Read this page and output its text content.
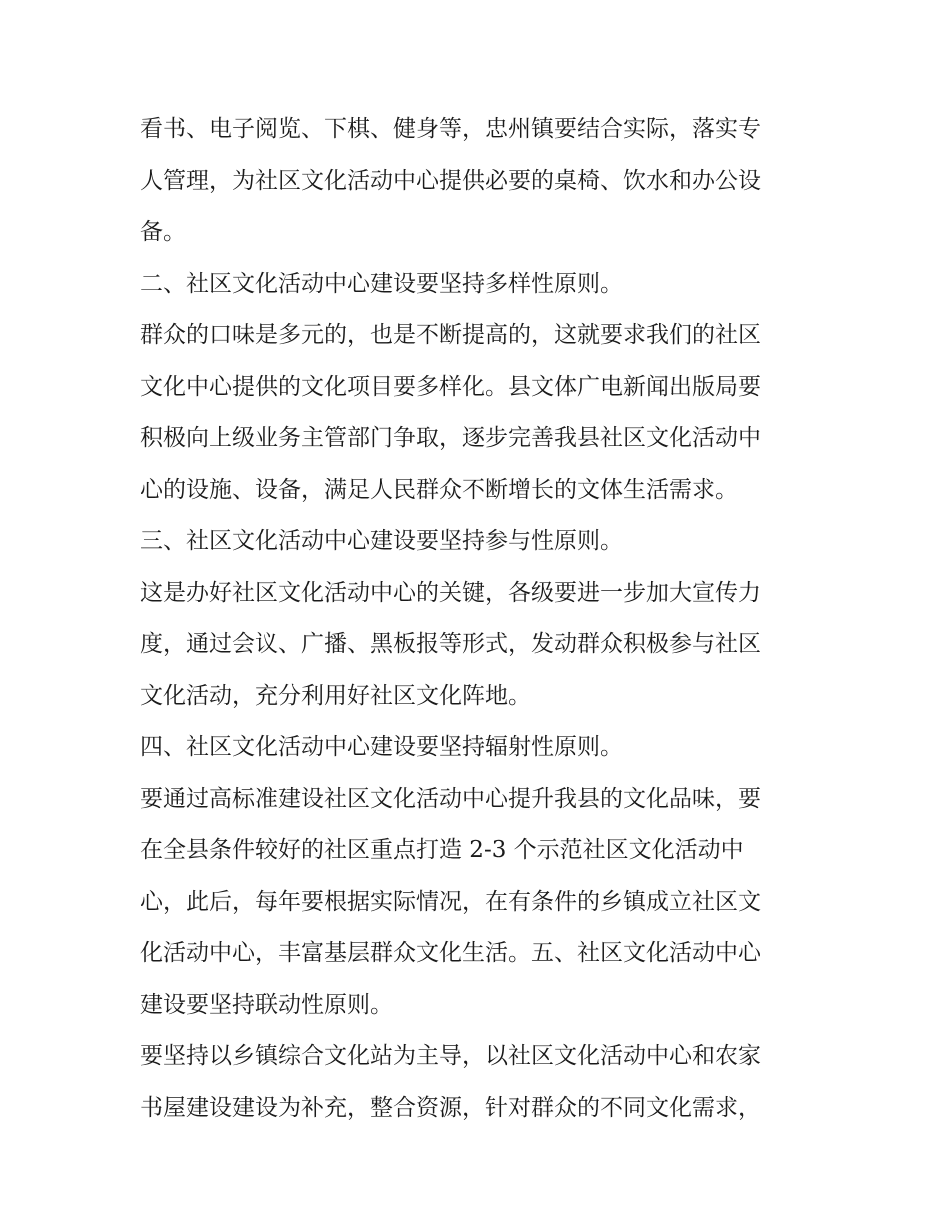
看书、电子阅览、下棋、健身等，忠州镇要结合实际，落实专
人管理，为社区文化活动中心提供必要的桌椅、饮水和办公设
备。
二、社区文化活动中心建设要坚持多样性原则。
群众的口味是多元的，也是不断提高的，这就要求我们的社区
文化中心提供的文化项目要多样化。县文体广电新闻出版局要
积极向上级业务主管部门争取，逐步完善我县社区文化活动中
心的设施、设备，满足人民群众不断增长的文体生活需求。
三、社区文化活动中心建设要坚持参与性原则。
这是办好社区文化活动中心的关键，各级要进一步加大宣传力
度，通过会议、广播、黑板报等形式，发动群众积极参与社区
文化活动，充分利用好社区文化阵地。
四、社区文化活动中心建设要坚持辐射性原则。
要通过高标准建设社区文化活动中心提升我县的文化品味，要
在全县条件较好的社区重点打造 2-3 个示范社区文化活动中
心，此后，每年要根据实际情况，在有条件的乡镇成立社区文
化活动中心，丰富基层群众文化生活。五、社区文化活动中心
建设要坚持联动性原则。
要坚持以乡镇综合文化站为主导，以社区文化活动中心和农家
书屋建设建设为补充，整合资源，针对群众的不同文化需求，
